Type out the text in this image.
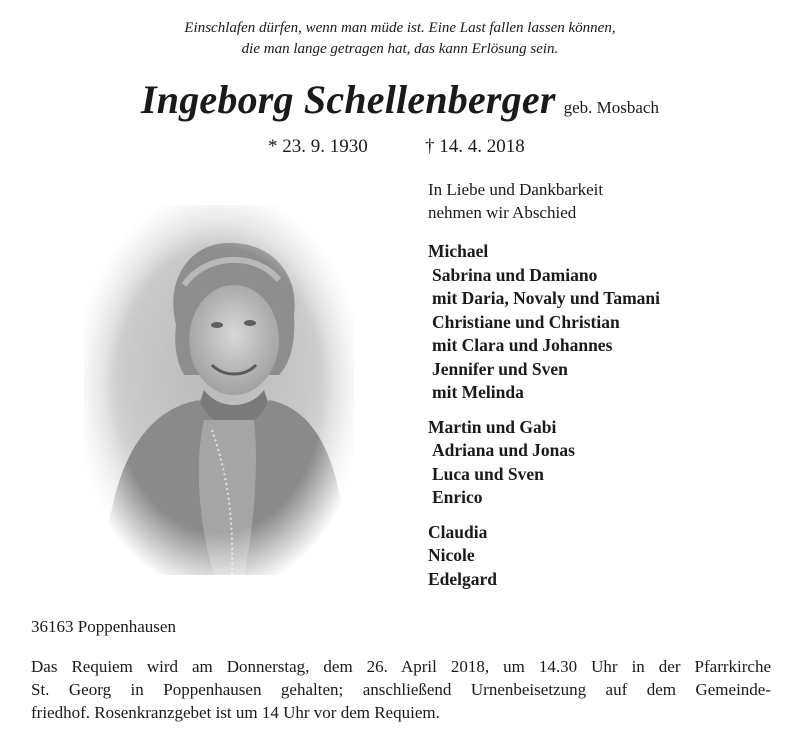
Einschlafen dürfen, wenn man müde ist. Eine Last fallen lassen können,
die man lange getragen hat, das kann Erlösung sein.
Ingeborg Schellenberger geb. Mosbach
* 23. 9. 1930	† 14. 4. 2018
In Liebe und Dankbarkeit
nehmen wir Abschied
Michael
Sabrina und Damiano
mit Daria, Novaly und Tamani
Christiane und Christian
mit Clara und Johannes
Jennifer und Sven
mit Melinda
Martin und Gabi
Adriana und Jonas
Luca und Sven
Enrico
Claudia
Nicole
Edelgard
36163 Poppenhausen
Das Requiem wird am Donnerstag, dem 26. April 2018, um 14.30 Uhr in der Pfarrkirche
St. Georg in Poppenhausen gehalten; anschließend Urnenbeisetzung auf dem Gemeinde-
friedhof. Rosenkranzgebet ist um 14 Uhr vor dem Requiem.
